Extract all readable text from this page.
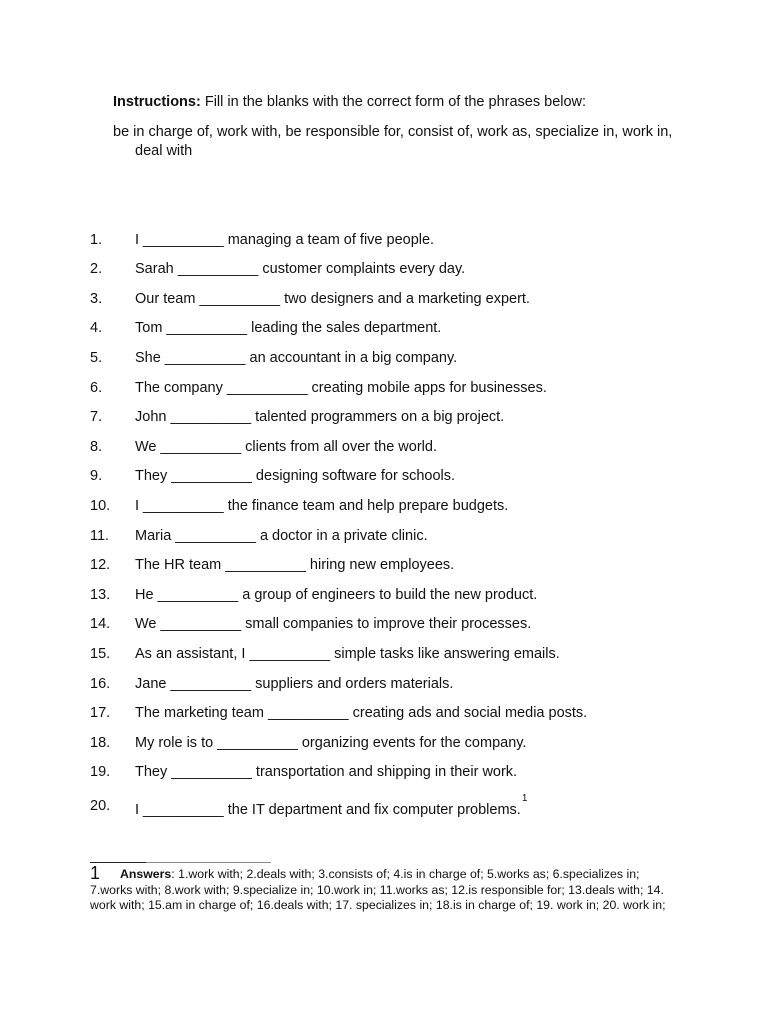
Instructions: Fill in the blanks with the correct form of the phrases below:
be in charge of, work with, be responsible for, consist of, work as, specialize in, work in, deal with
1.	I __________ managing a team of five people.
2.	Sarah __________ customer complaints every day.
3.	Our team __________ two designers and a marketing expert.
4.	Tom __________ leading the sales department.
5.	She __________ an accountant in a big company.
6.	The company __________ creating mobile apps for businesses.
7.	John __________ talented programmers on a big project.
8.	We __________ clients from all over the world.
9.	They __________ designing software for schools.
10.	I __________ the finance team and help prepare budgets.
11.	Maria __________ a doctor in a private clinic.
12.	The HR team __________ hiring new employees.
13.	He __________ a group of engineers to build the new product.
14.	We __________ small companies to improve their processes.
15.	As an assistant, I __________ simple tasks like answering emails.
16.	Jane __________ suppliers and orders materials.
17.	The marketing team __________ creating ads and social media posts.
18.	My role is to __________ organizing events for the company.
19.	They __________ transportation and shipping in their work.
20.	I __________ the IT department and fix computer problems.$^1$
1 Answers: 1.work with; 2.deals with; 3.consists of; 4.is in charge of; 5.works as; 6.specializes in; 7.works with; 8.work with; 9.specialize in; 10.work in; 11.works as; 12.is responsible for; 13.deals with; 14. work with; 15.am in charge of; 16.deals with; 17. specializes in; 18.is in charge of; 19. work in; 20. work in;
